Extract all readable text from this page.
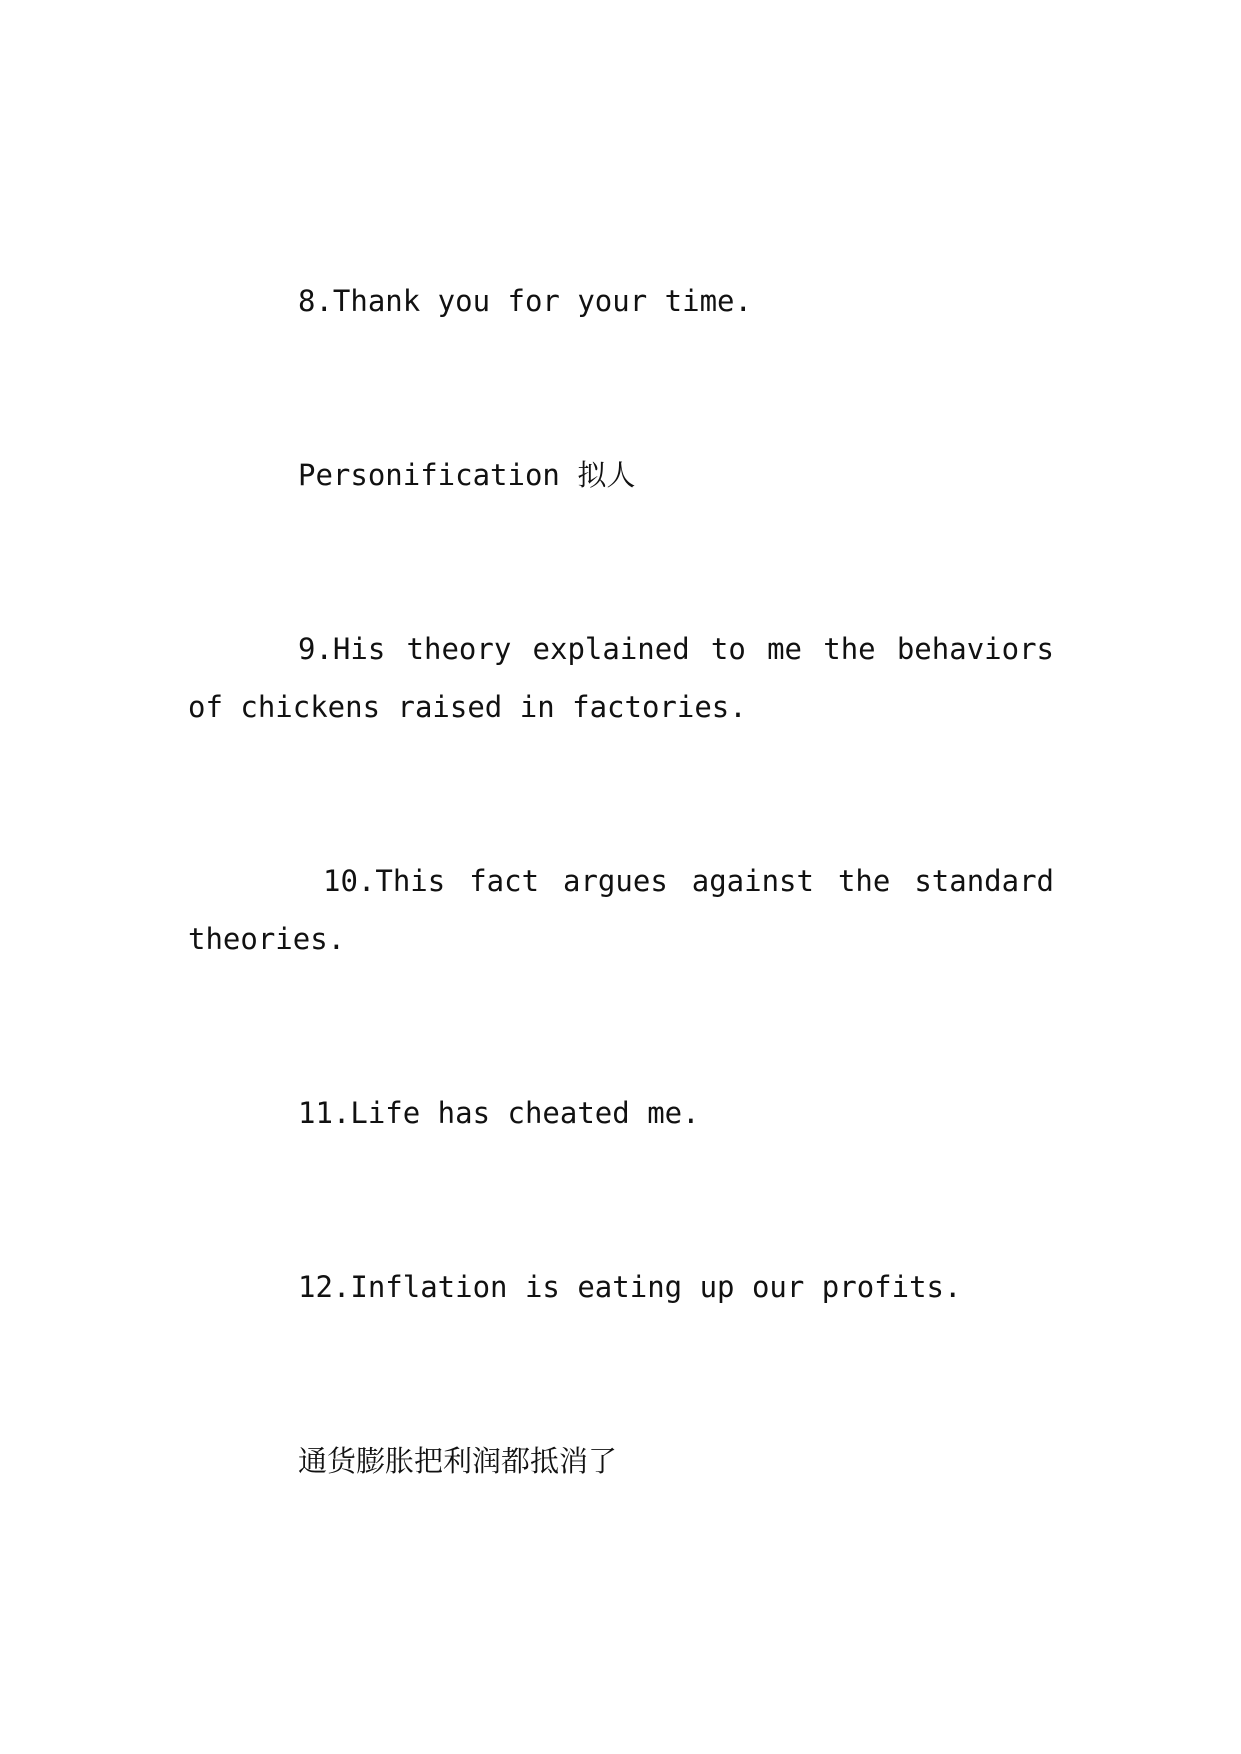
8.Thank you for your time.

Personification 拟人

9.His theory explained to me the behaviors of chickens raised in factories.

10.This fact argues against the standard theories.

11.Life has cheated me.

12.Inflation is eating up our profits.

通货膨胀把利润都抵消了
